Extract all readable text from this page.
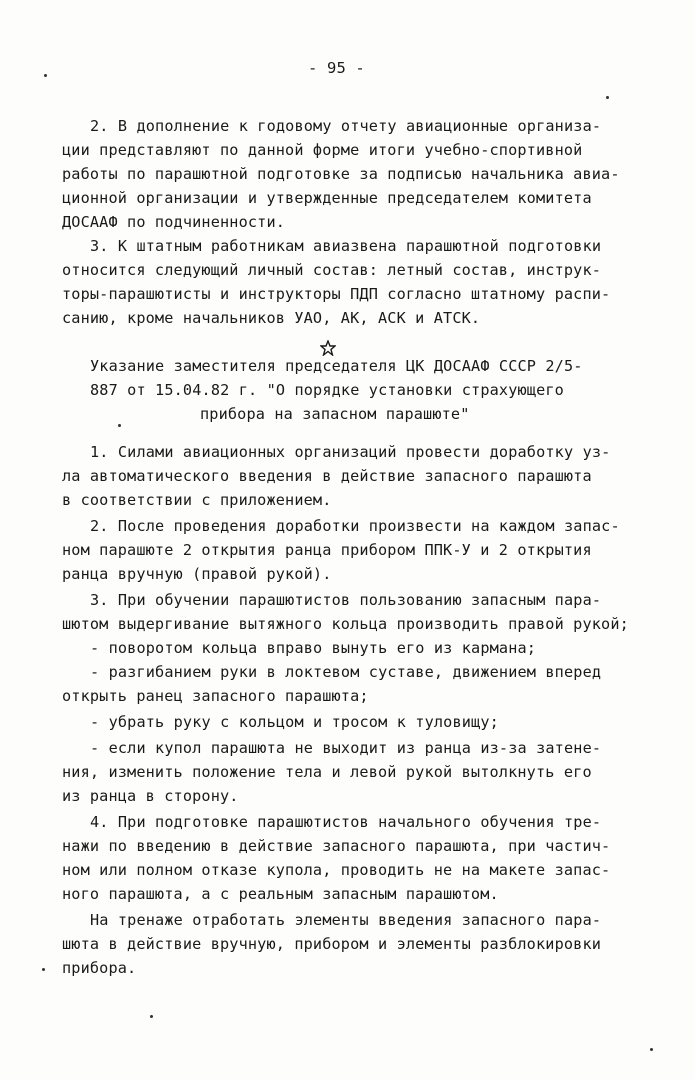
- 95 -
2. В дополнение к годовому отчету авиационные организа-
ции представляют по данной форме итоги учебно-спортивной
работы по парашютной подготовке за подписью начальника авиа-
ционной организации и утвержденные председателем комитета
ДОСААФ по подчиненности.
3. К штатным работникам авиазвена парашютной подготовки
относится следующий личный состав: летный состав, инструк-
торы-парашютисты и инструкторы ПДП согласно штатному распи-
санию, кроме начальников УАО, АК, АСК и АТСК.
Указание заместителя председателя ЦК ДОСААФ СССР 2/5-
887 от 15.04.82 г. "О порядке установки страхующего
прибора на запасном парашюте"
1. Силами авиационных организаций провести доработку уз-
ла автоматического введения в действие запасного парашюта
в соответствии с приложением.
2. После проведения доработки произвести на каждом запас-
ном парашюте 2 открытия ранца прибором ППК-У и 2 открытия
ранца вручную (правой рукой).
3. При обучении парашютистов пользованию запасным пара-
шютом выдергивание вытяжного кольца производить правой рукой;
- поворотом кольца вправо вынуть его из кармана;
- разгибанием руки в локтевом суставе, движением вперед
открыть ранец запасного парашюта;
- убрать руку с кольцом и тросом к туловищу;
- если купол парашюта не выходит из ранца из-за затене-
ния, изменить положение тела и левой рукой вытолкнуть его
из ранца в сторону.
4. При подготовке парашютистов начального обучения тре-
нажи по введению в действие запасного парашюта, при частич-
ном или полном отказе купола, проводить не на макете запас-
ного парашюта, а с реальным запасным парашютом.
На тренаже отработать элементы введения запасного пара-
шюта в действие вручную, прибором и элементы разблокировки
прибора.
